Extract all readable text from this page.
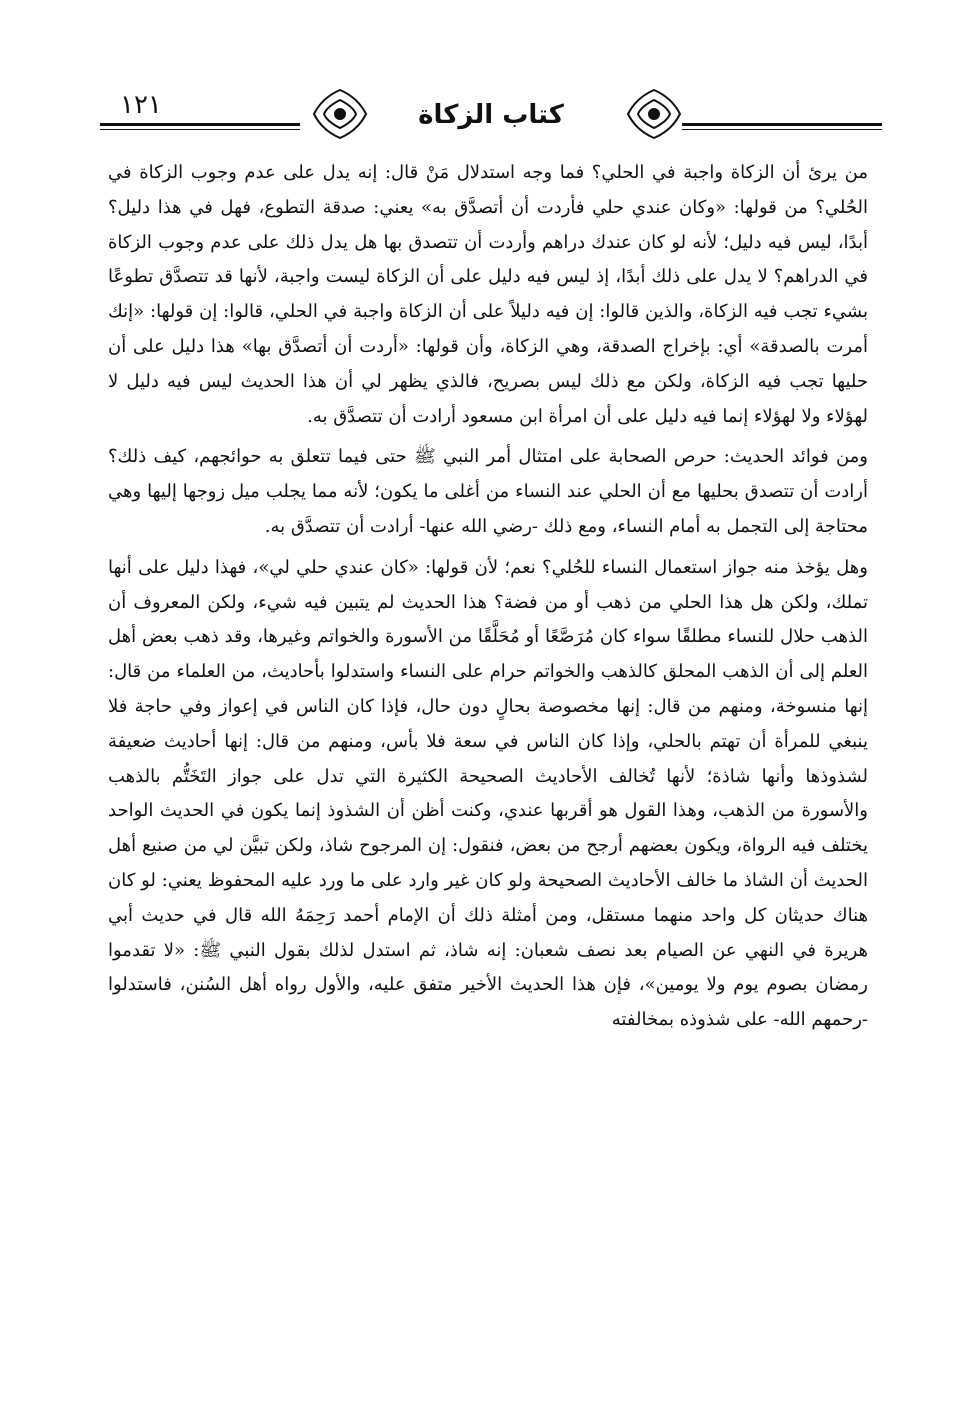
١٢١	كتاب الزكاة

من يرئ أن الزكاة واجبة في الحلي؟ فما وجه استدلال مَنْ قال: إنه يدل على عدم وجوب الزكاة في الحُلي؟ من قولها: «وكان عندي حلي فأردت أن أتصدَّق به» يعني: صدقة التطوع، فهل في هذا دليل؟ أبدًا، ليس فيه دليل؛ لأنه لو كان عندك دراهم وأردت أن تتصدق بها هل يدل ذلك على عدم وجوب الزكاة في الدراهم؟ لا يدل على ذلك أبدًا، إذ ليس فيه دليل على أن الزكاة ليست واجبة، لأنها قد تتصدَّق تطوعًا بشيء تجب فيه الزكاة، والذين قالوا: إن فيه دليلاً على أن الزكاة واجبة في الحلي، قالوا: إن قولها: «إنك أمرت بالصدقة» أي: بإخراج الصدقة، وهي الزكاة، وأن قولها: «أردت أن أتصدَّق بها» هذا دليل على أن حليها تجب فيه الزكاة، ولكن مع ذلك ليس بصريح، فالذي يظهر لي أن هذا الحديث ليس فيه دليل لا لهؤلاء ولا لهؤلاء إنما فيه دليل على أن امرأة ابن مسعود أرادت أن تتصدَّق به.

ومن فوائد الحديث: حرص الصحابة على امتثال أمر النبي ﷺ حتى فيما تتعلق به حوائجهم، كيف ذلك؟ أرادت أن تتصدق بحليها مع أن الحلي عند النساء من أغلى ما يكون؛ لأنه مما يجلب ميل زوجها إليها وهي محتاجة إلى التجمل به أمام النساء، ومع ذلك -رضي الله عنها- أرادت أن تتصدَّق به.

وهل يؤخذ منه جواز استعمال النساء للحُلي؟ نعم؛ لأن قولها: «كان عندي حلي لي»، فهذا دليل على أنها تملك، ولكن هل هذا الحلي من ذهب أو من فضة؟ هذا الحديث لم يتبين فيه شيء، ولكن المعروف أن الذهب حلال للنساء مطلقًا سواء كان مُرَصَّعًا أو مُحَلَّقًا من الأسورة والخواتم وغيرها، وقد ذهب بعض أهل العلم إلى أن الذهب المحلق كالذهب والخواتم حرام على النساء واستدلوا بأحاديث، من العلماء من قال: إنها منسوخة، ومنهم من قال: إنها مخصوصة بحالٍ دون حال، فإذا كان الناس في إعواز وفي حاجة فلا ينبغي للمرأة أن تهتم بالحلي، وإذا كان الناس في سعة فلا بأس، ومنهم من قال: إنها أحاديث ضعيفة لشذوذها وأنها شاذة؛ لأنها تُخالف الأحاديث الصحيحة الكثيرة التي تدل على جواز التَخَتُّم بالذهب والأسورة من الذهب، وهذا القول هو أقربها عندي، وكنت أظن أن الشذوذ إنما يكون في الحديث الواحد يختلف فيه الرواة، ويكون بعضهم أرجح من بعض، فنقول: إن المرجوح شاذ، ولكن تبيَّن لي من صنيع أهل الحديث أن الشاذ ما خالف الأحاديث الصحيحة ولو كان غير وارد على ما ورد عليه المحفوظ يعني: لو كان هناك حديثان كل واحد منهما مستقل، ومن أمثلة ذلك أن الإمام أحمد رَحِمَهُ الله قال في حديث أبي هريرة في النهي عن الصيام بعد نصف شعبان: إنه شاذ، ثم استدل لذلك بقول النبي ﷺ: «لا تقدموا رمضان بصوم يوم ولا يومين»، فإن هذا الحديث الأخير متفق عليه، والأول رواه أهل السُنن، فاستدلوا -رحمهم الله- على شذوذه بمخالفته
